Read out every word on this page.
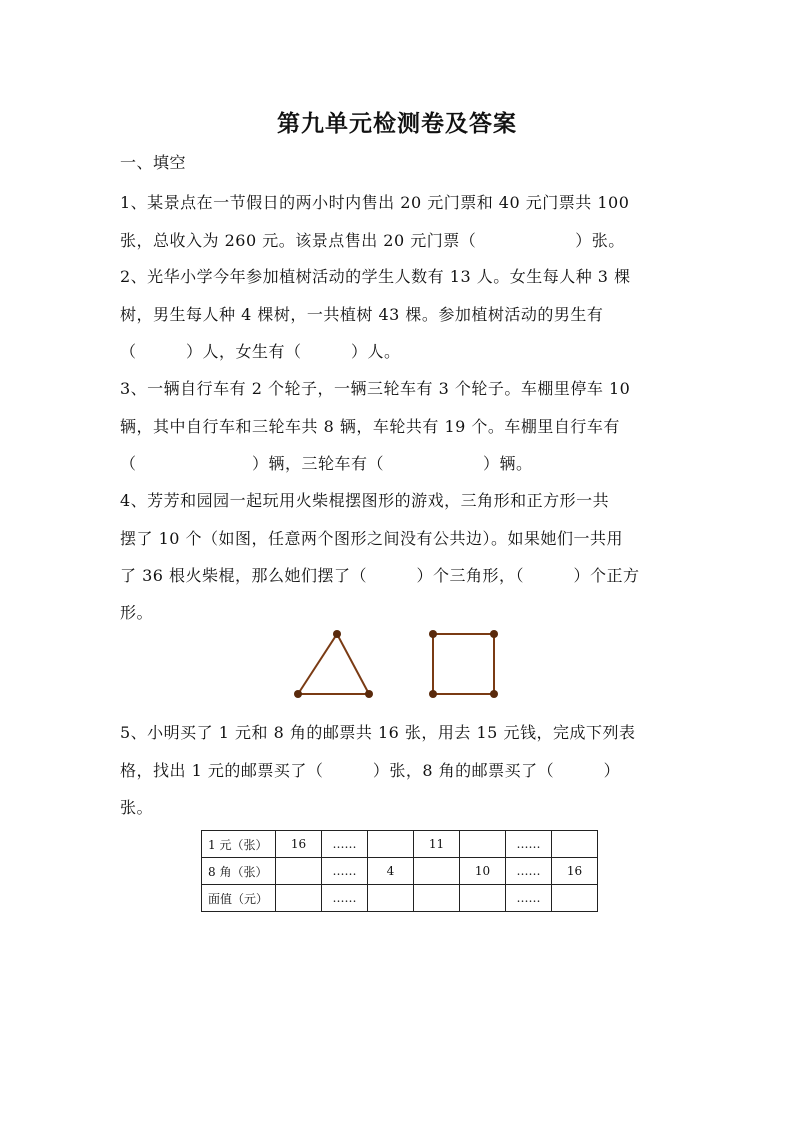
第九单元检测卷及答案
一、填空
1、某景点在一节假日的两小时内售出 20 元门票和 40 元门票共 100
张，总收入为 260 元。该景点售出 20 元门票（　　　　　　）张。
2、光华小学今年参加植树活动的学生人数有 13 人。女生每人种 3 棵
树，男生每人种 4 棵树，一共植树 43 棵。参加植树活动的男生有
（　　　）人，女生有（　　　）人。
3、一辆自行车有 2 个轮子，一辆三轮车有 3 个轮子。车棚里停车 10
辆，其中自行车和三轮车共 8 辆，车轮共有 19 个。车棚里自行车有
（　　　　　　　）辆，三轮车有（　　　　　　）辆。
4、芳芳和园园一起玩用火柴棍摆图形的游戏，三角形和正方形一共
摆了 10 个（如图，任意两个图形之间没有公共边）。如果她们一共用
了 36 根火柴棍，那么她们摆了（　　　）个三角形，（　　　）个正方
形。
5、小明买了 1 元和 8 角的邮票共 16 张，用去 15 元钱，完成下列表
格，找出 1 元的邮票买了（　　　）张，8 角的邮票买了（　　　）
张。
1 元（张）	16	……		11		……	
8 角（张）		……	4		10	……	16
面值（元）		……				……	
